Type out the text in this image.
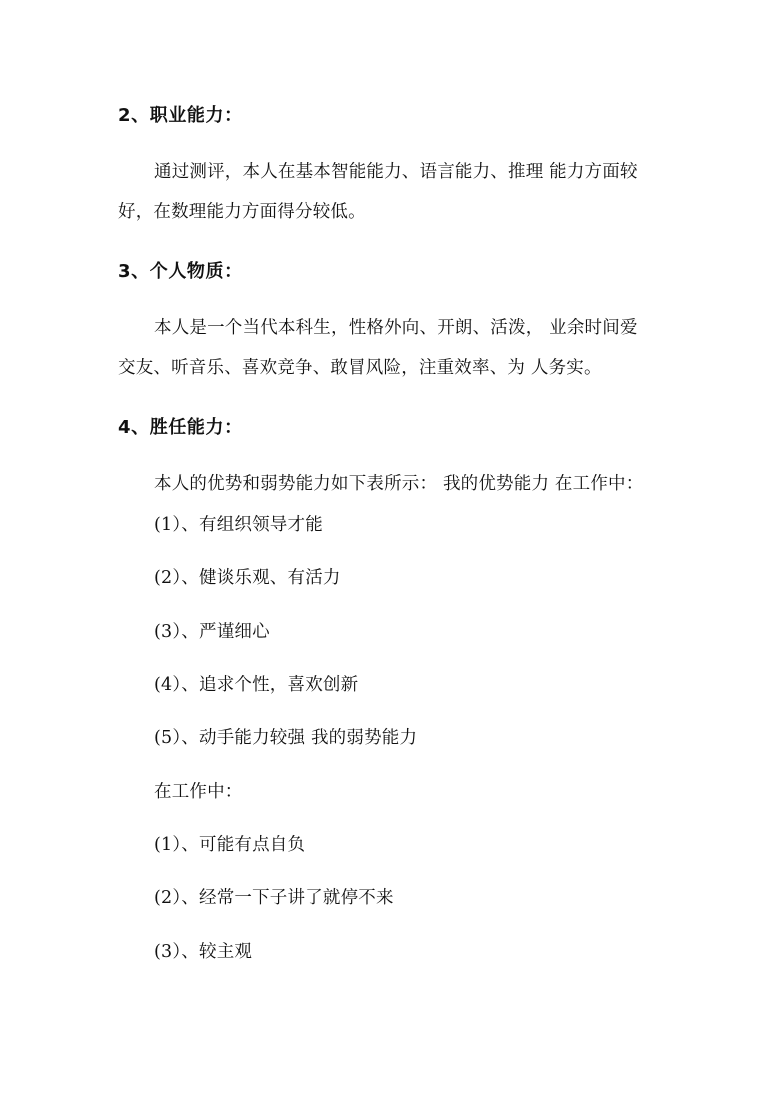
2、职业能力：
通过测评，本人在基本智能能力、语言能力、推理 能力方面较
好，在数理能力方面得分较低。
3、个人物质：
本人是一个当代本科生，性格外向、开朗、活泼， 业余时间爱
交友、听音乐、喜欢竞争、敢冒风险，注重效率、为 人务实。
4、胜任能力：
本人的优势和弱势能力如下表所示： 我的优势能力 在工作中：
(1）、有组织领导才能
(2）、健谈乐观、有活力
(3）、严谨细心
(4）、追求个性，喜欢创新
(5）、动手能力较强 我的弱势能力
在工作中：
(1）、可能有点自负
(2）、经常一下子讲了就停不来
(3）、较主观
